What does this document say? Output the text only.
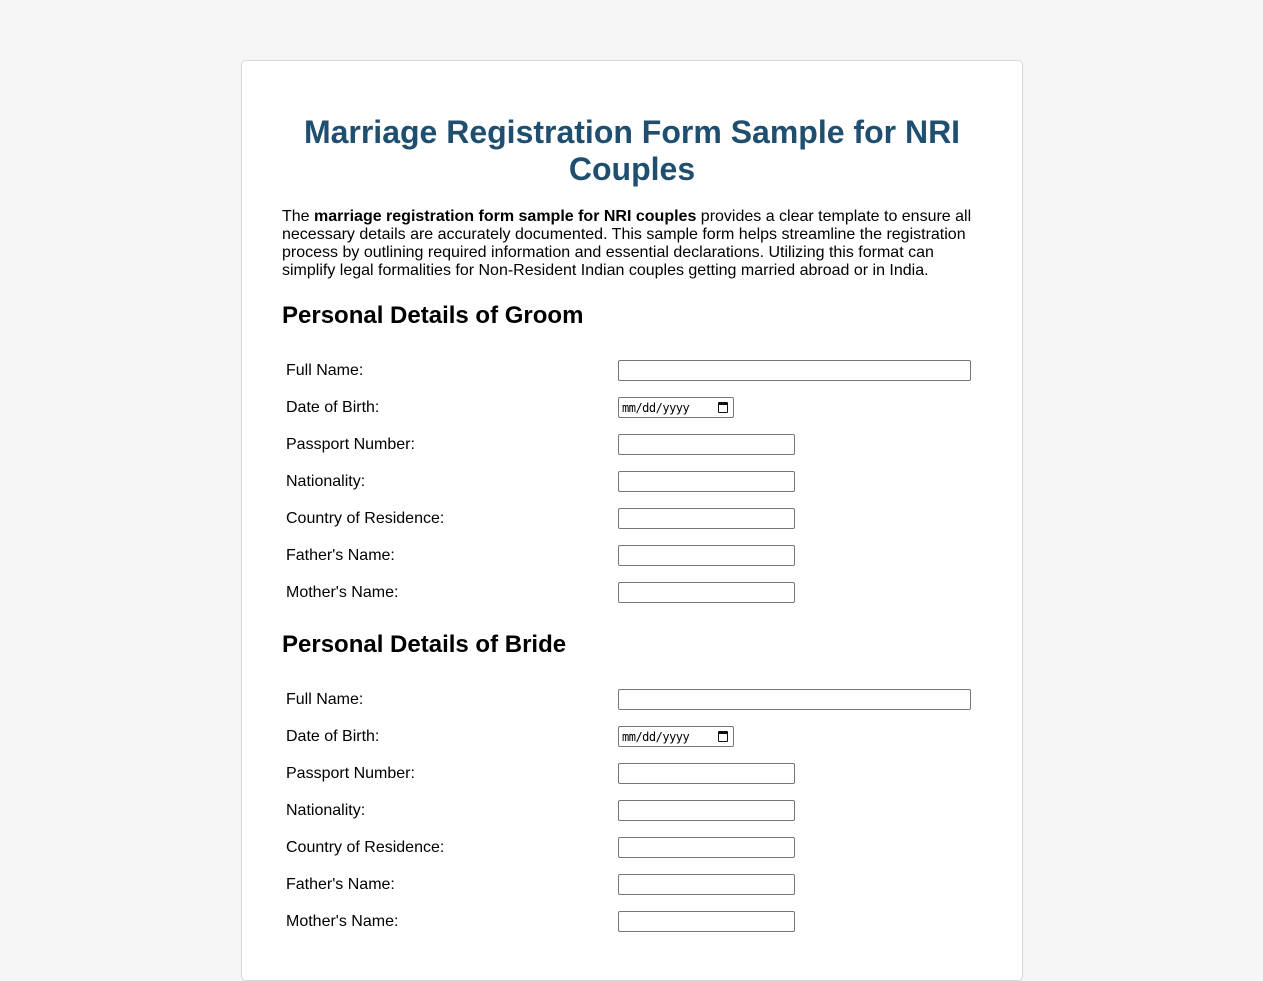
Marriage Registration Form Sample for NRI Couples

The marriage registration form sample for NRI couples provides a clear template to ensure all necessary details are accurately documented. This sample form helps streamline the registration process by outlining required information and essential declarations. Utilizing this format can simplify legal formalities for Non-Resident Indian couples getting married abroad or in India.

Personal Details of Groom
Full Name:	
Date of Birth:	mm/dd/yyyy

Passport Number:	
Nationality:	
Country of Residence:	
Father's Name:	
Mother's Name:	
Personal Details of Bride
Full Name:	
Date of Birth:	mm/dd/yyyy

Passport Number:	
Nationality:	
Country of Residence:	
Father's Name:	
Mother's Name:	
